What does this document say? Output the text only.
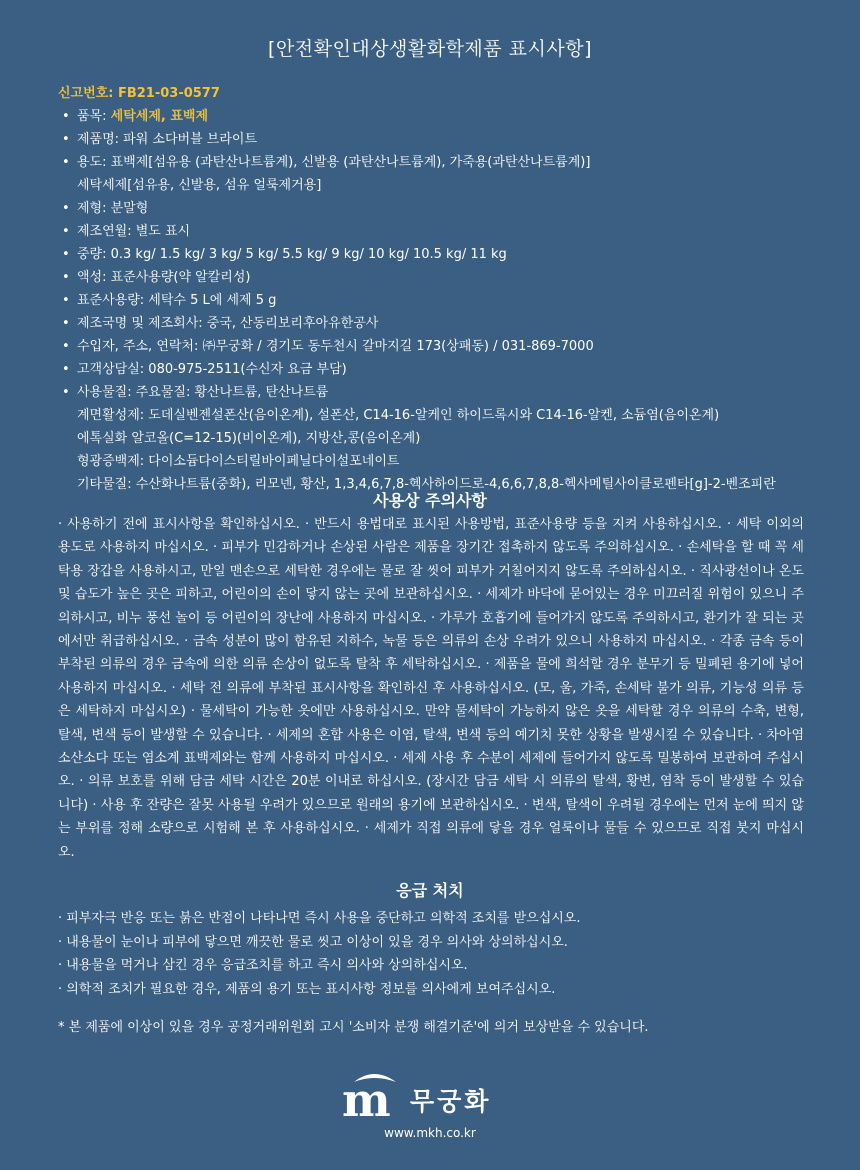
[안전확인대상생활화학제품 표시사항]
신고번호: FB21-03-0577
• 품목: 세탁세제, 표백제
• 제품명: 파워 소다버블 브라이트
• 용도: 표백제[섬유용 (과탄산나트륨계), 신발용 (과탄산나트륨계), 가죽용(과탄산나트륨계)]
세탁세제[섬유용, 신발용, 섬유 얼룩제거용]
• 제형: 분말형
• 제조연월: 별도 표시
• 중량: 0.3 kg/ 1.5 kg/ 3 kg/ 5 kg/ 5.5 kg/ 9 kg/ 10 kg/ 10.5 kg/ 11 kg
• 액성: 표준사용량(약 알칼리성)
• 표준사용량: 세탁수 5 L에 세제 5 g
• 제조국명 및 제조회사: 중국, 산동리보리후아유한공사
• 수입자, 주소, 연락처: ㈜무궁화 / 경기도 동두천시 갈마지길 173(상패동) / 031-869-7000
• 고객상담실: 080-975-2511(수신자 요금 부담)
• 사용물질: 주요물질: 황산나트륨, 탄산나트륨
계면활성제: 도데실벤젠설폰산(음이온계), 설폰산, C14-16-알케인 하이드록시와 C14-16-알켄, 소듐염(음이온계)
에톡실화 알코올(C=12-15)(비이온계), 지방산,콩(음이온계)
형광증백제: 다이소듐다이스티릴바이페닐다이설포네이트
기타물질: 수산화나트륨(중화), 리모넨, 황산, 1,3,4,6,7,8-헥사하이드로-4,6,6,7,8,8-헥사메틸사이클로펜타[g]-2-벤조피란
사용상 주의사항
· 사용하기 전에 표시사항을 확인하십시오. · 반드시 용법대로 표시된 사용방법, 표준사용량 등을 지켜 사용하십시오. · 세탁 이외의 용도로 사용하지 마십시오. · 피부가 민감하거나 손상된 사람은 제품을 장기간 접촉하지 않도록 주의하십시오. · 손세탁을 할 때 꼭 세탁용 장갑을 사용하시고, 만일 맨손으로 세탁한 경우에는 물로 잘 씻어 피부가 거칠어지지 않도록 주의하십시오. · 직사광선이나 온도 및 습도가 높은 곳은 피하고, 어린이의 손이 닿지 않는 곳에 보관하십시오. · 세제가 바닥에 묻어있는 경우 미끄러질 위험이 있으니 주의하시고, 비누 풍선 놀이 등 어린이의 장난에 사용하지 마십시오. · 가루가 호흡기에 들어가지 않도록 주의하시고, 환기가 잘 되는 곳에서만 취급하십시오. · 금속 성분이 많이 함유된 지하수, 녹물 등은 의류의 손상 우려가 있으니 사용하지 마십시오. · 각종 금속 등이 부착된 의류의 경우 금속에 의한 의류 손상이 없도록 탈착 후 세탁하십시오. · 제품을 물에 희석할 경우 분무기 등 밀폐된 용기에 넣어 사용하지 마십시오. · 세탁 전 의류에 부착된 표시사항을 확인하신 후 사용하십시오. (모, 울, 가죽, 손세탁 불가 의류, 기능성 의류 등은 세탁하지 마십시오) · 물세탁이 가능한 옷에만 사용하십시오. 만약 물세탁이 가능하지 않은 옷을 세탁할 경우 의류의 수축, 변형, 탈색, 변색 등이 발생할 수 있습니다. · 세제의 혼합 사용은 이염, 탈색, 변색 등의 예기치 못한 상황을 발생시킬 수 있습니다. · 차아염소산소다 또는 염소계 표백제와는 함께 사용하지 마십시오. · 세제 사용 후 수분이 세제에 들어가지 않도록 밀봉하여 보관하여 주십시오. · 의류 보호를 위해 담금 세탁 시간은 20분 이내로 하십시오. (장시간 담금 세탁 시 의류의 탈색, 황변, 염착 등이 발생할 수 있습니다) · 사용 후 잔량은 잘못 사용될 우려가 있으므로 원래의 용기에 보관하십시오. · 변색, 탈색이 우려될 경우에는 먼저 눈에 띄지 않는 부위를 정해 소량으로 시험해 본 후 사용하십시오. · 세제가 직접 의류에 닿을 경우 얼룩이나 물들 수 있으므로 직접 붓지 마십시오.
응급 처치
· 피부자극 반응 또는 붉은 반점이 나타나면 즉시 사용을 중단하고 의학적 조치를 받으십시오.
· 내용물이 눈이나 피부에 닿으면 깨끗한 물로 씻고 이상이 있을 경우 의사와 상의하십시오.
· 내용물을 먹거나 삼킨 경우 응급조치를 하고 즉시 의사와 상의하십시오.
· 의학적 조치가 필요한 경우, 제품의 용기 또는 표시사항 정보를 의사에게 보여주십시오.
* 본 제품에 이상이 있을 경우 공정거래위원회 고시 '소비자 분쟁 해결기준'에 의거 보상받을 수 있습니다.
m 무궁화
www.mkh.co.kr
